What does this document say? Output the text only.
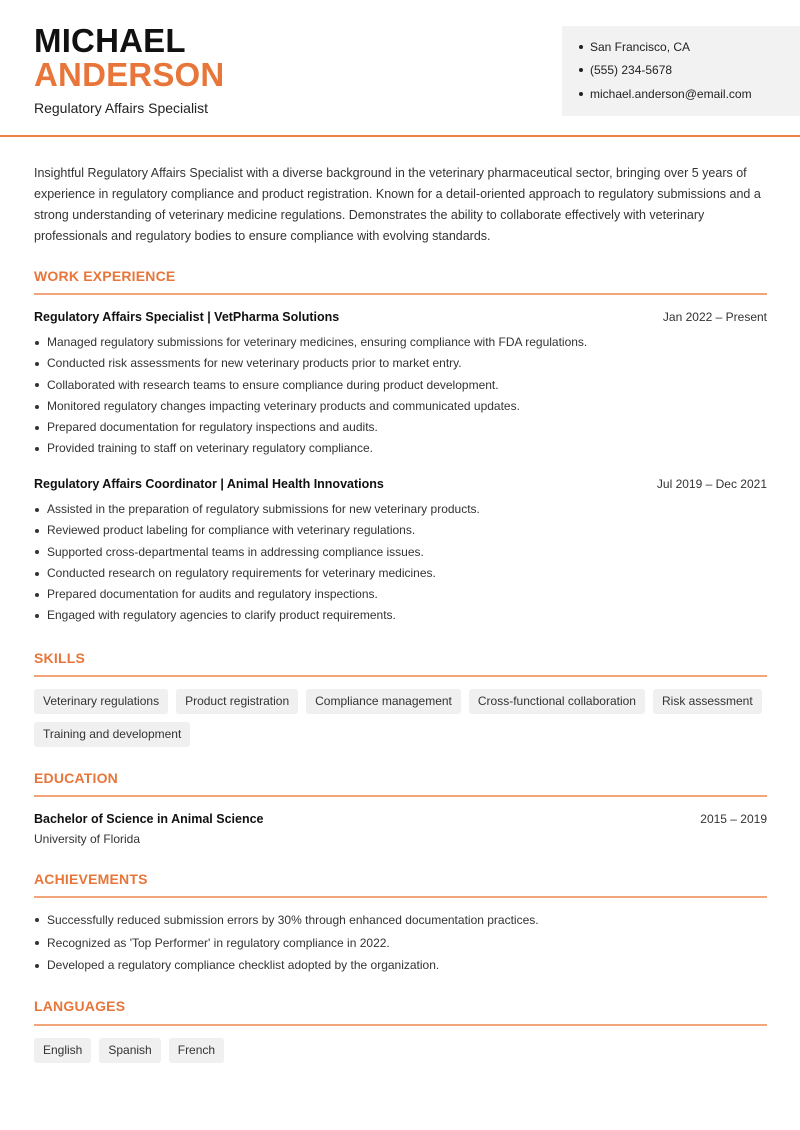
MICHAEL
ANDERSON
Regulatory Affairs Specialist
San Francisco, CA
(555) 234-5678
michael.anderson@email.com
Insightful Regulatory Affairs Specialist with a diverse background in the veterinary pharmaceutical sector, bringing over 5 years of experience in regulatory compliance and product registration. Known for a detail-oriented approach to regulatory submissions and a strong understanding of veterinary medicine regulations. Demonstrates the ability to collaborate effectively with veterinary professionals and regulatory bodies to ensure compliance with evolving standards.
WORK EXPERIENCE
Regulatory Affairs Specialist | VetPharma Solutions	Jan 2022 – Present
Managed regulatory submissions for veterinary medicines, ensuring compliance with FDA regulations.
Conducted risk assessments for new veterinary products prior to market entry.
Collaborated with research teams to ensure compliance during product development.
Monitored regulatory changes impacting veterinary products and communicated updates.
Prepared documentation for regulatory inspections and audits.
Provided training to staff on veterinary regulatory compliance.
Regulatory Affairs Coordinator | Animal Health Innovations	Jul 2019 – Dec 2021
Assisted in the preparation of regulatory submissions for new veterinary products.
Reviewed product labeling for compliance with veterinary regulations.
Supported cross-departmental teams in addressing compliance issues.
Conducted research on regulatory requirements for veterinary medicines.
Prepared documentation for audits and regulatory inspections.
Engaged with regulatory agencies to clarify product requirements.
SKILLS
Veterinary regulations	Product registration	Compliance management	Cross-functional collaboration	Risk assessment
Training and development
EDUCATION
Bachelor of Science in Animal Science	2015 – 2019
University of Florida
ACHIEVEMENTS
Successfully reduced submission errors by 30% through enhanced documentation practices.
Recognized as 'Top Performer' in regulatory compliance in 2022.
Developed a regulatory compliance checklist adopted by the organization.
LANGUAGES
English	Spanish	French
